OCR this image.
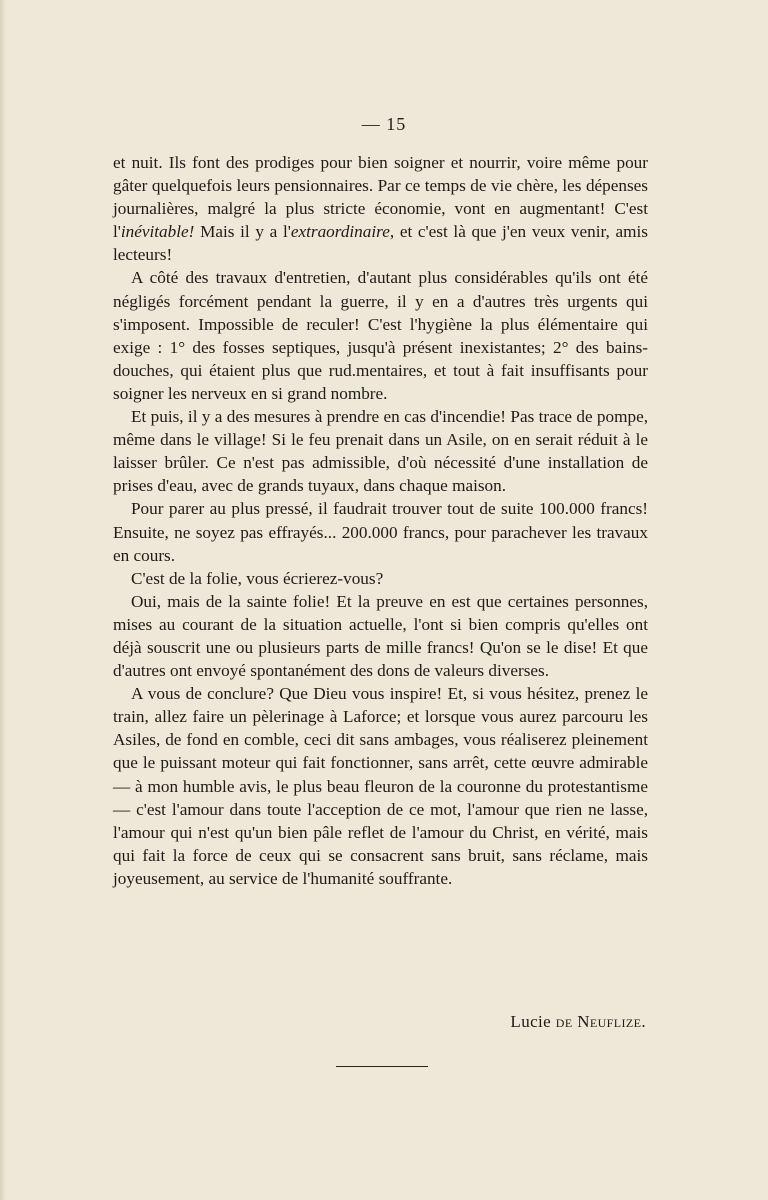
— 15

et nuit. Ils font des prodiges pour bien soigner et nourrir, voire même pour gâter quelquefois leurs pensionnaires. Par ce temps de vie chère, les dépenses journalières, malgré la plus stricte économie, vont en augmentant! C'est l'inévitable! Mais il y a l'extraordinaire, et c'est là que j'en veux venir, amis lecteurs!

A côté des travaux d'entretien, d'autant plus considérables qu'ils ont été négligés forcément pendant la guerre, il y en a d'autres très urgents qui s'imposent. Impossible de reculer! C'est l'hygiène la plus élémentaire qui exige : 1° des fosses septiques, jusqu'à présent inexistantes; 2° des bains-douches, qui étaient plus que rud.mentaires, et tout à fait insuffisants pour soigner les nerveux en si grand nombre.

Et puis, il y a des mesures à prendre en cas d'incendie! Pas trace de pompe, même dans le village! Si le feu prenait dans un Asile, on en serait réduit à le laisser brûler. Ce n'est pas admissible, d'où nécessité d'une installation de prises d'eau, avec de grands tuyaux, dans chaque maison.

Pour parer au plus pressé, il faudrait trouver tout de suite 100.000 francs! Ensuite, ne soyez pas effrayés... 200.000 francs, pour parachever les travaux en cours.

C'est de la folie, vous écrierez-vous?

Oui, mais de la sainte folie! Et la preuve en est que certaines personnes, mises au courant de la situation actuelle, l'ont si bien compris qu'elles ont déjà souscrit une ou plusieurs parts de mille francs! Qu'on se le dise! Et que d'autres ont envoyé spontanément des dons de valeurs diverses.

A vous de conclure? Que Dieu vous inspire! Et, si vous hésitez, prenez le train, allez faire un pèlerinage à Laforce; et lorsque vous aurez parcouru les Asiles, de fond en comble, ceci dit sans ambages, vous réaliserez pleinement que le puissant moteur qui fait fonctionner, sans arrêt, cette œuvre admirable — à mon humble avis, le plus beau fleuron de la couronne du protestantisme — c'est l'amour dans toute l'acception de ce mot, l'amour que rien ne lasse, l'amour qui n'est qu'un bien pâle reflet de l'amour du Christ, en vérité, mais qui fait la force de ceux qui se consacrent sans bruit, sans réclame, mais joyeusement, au service de l'humanité souffrante.

Lucie de Neuflize.
